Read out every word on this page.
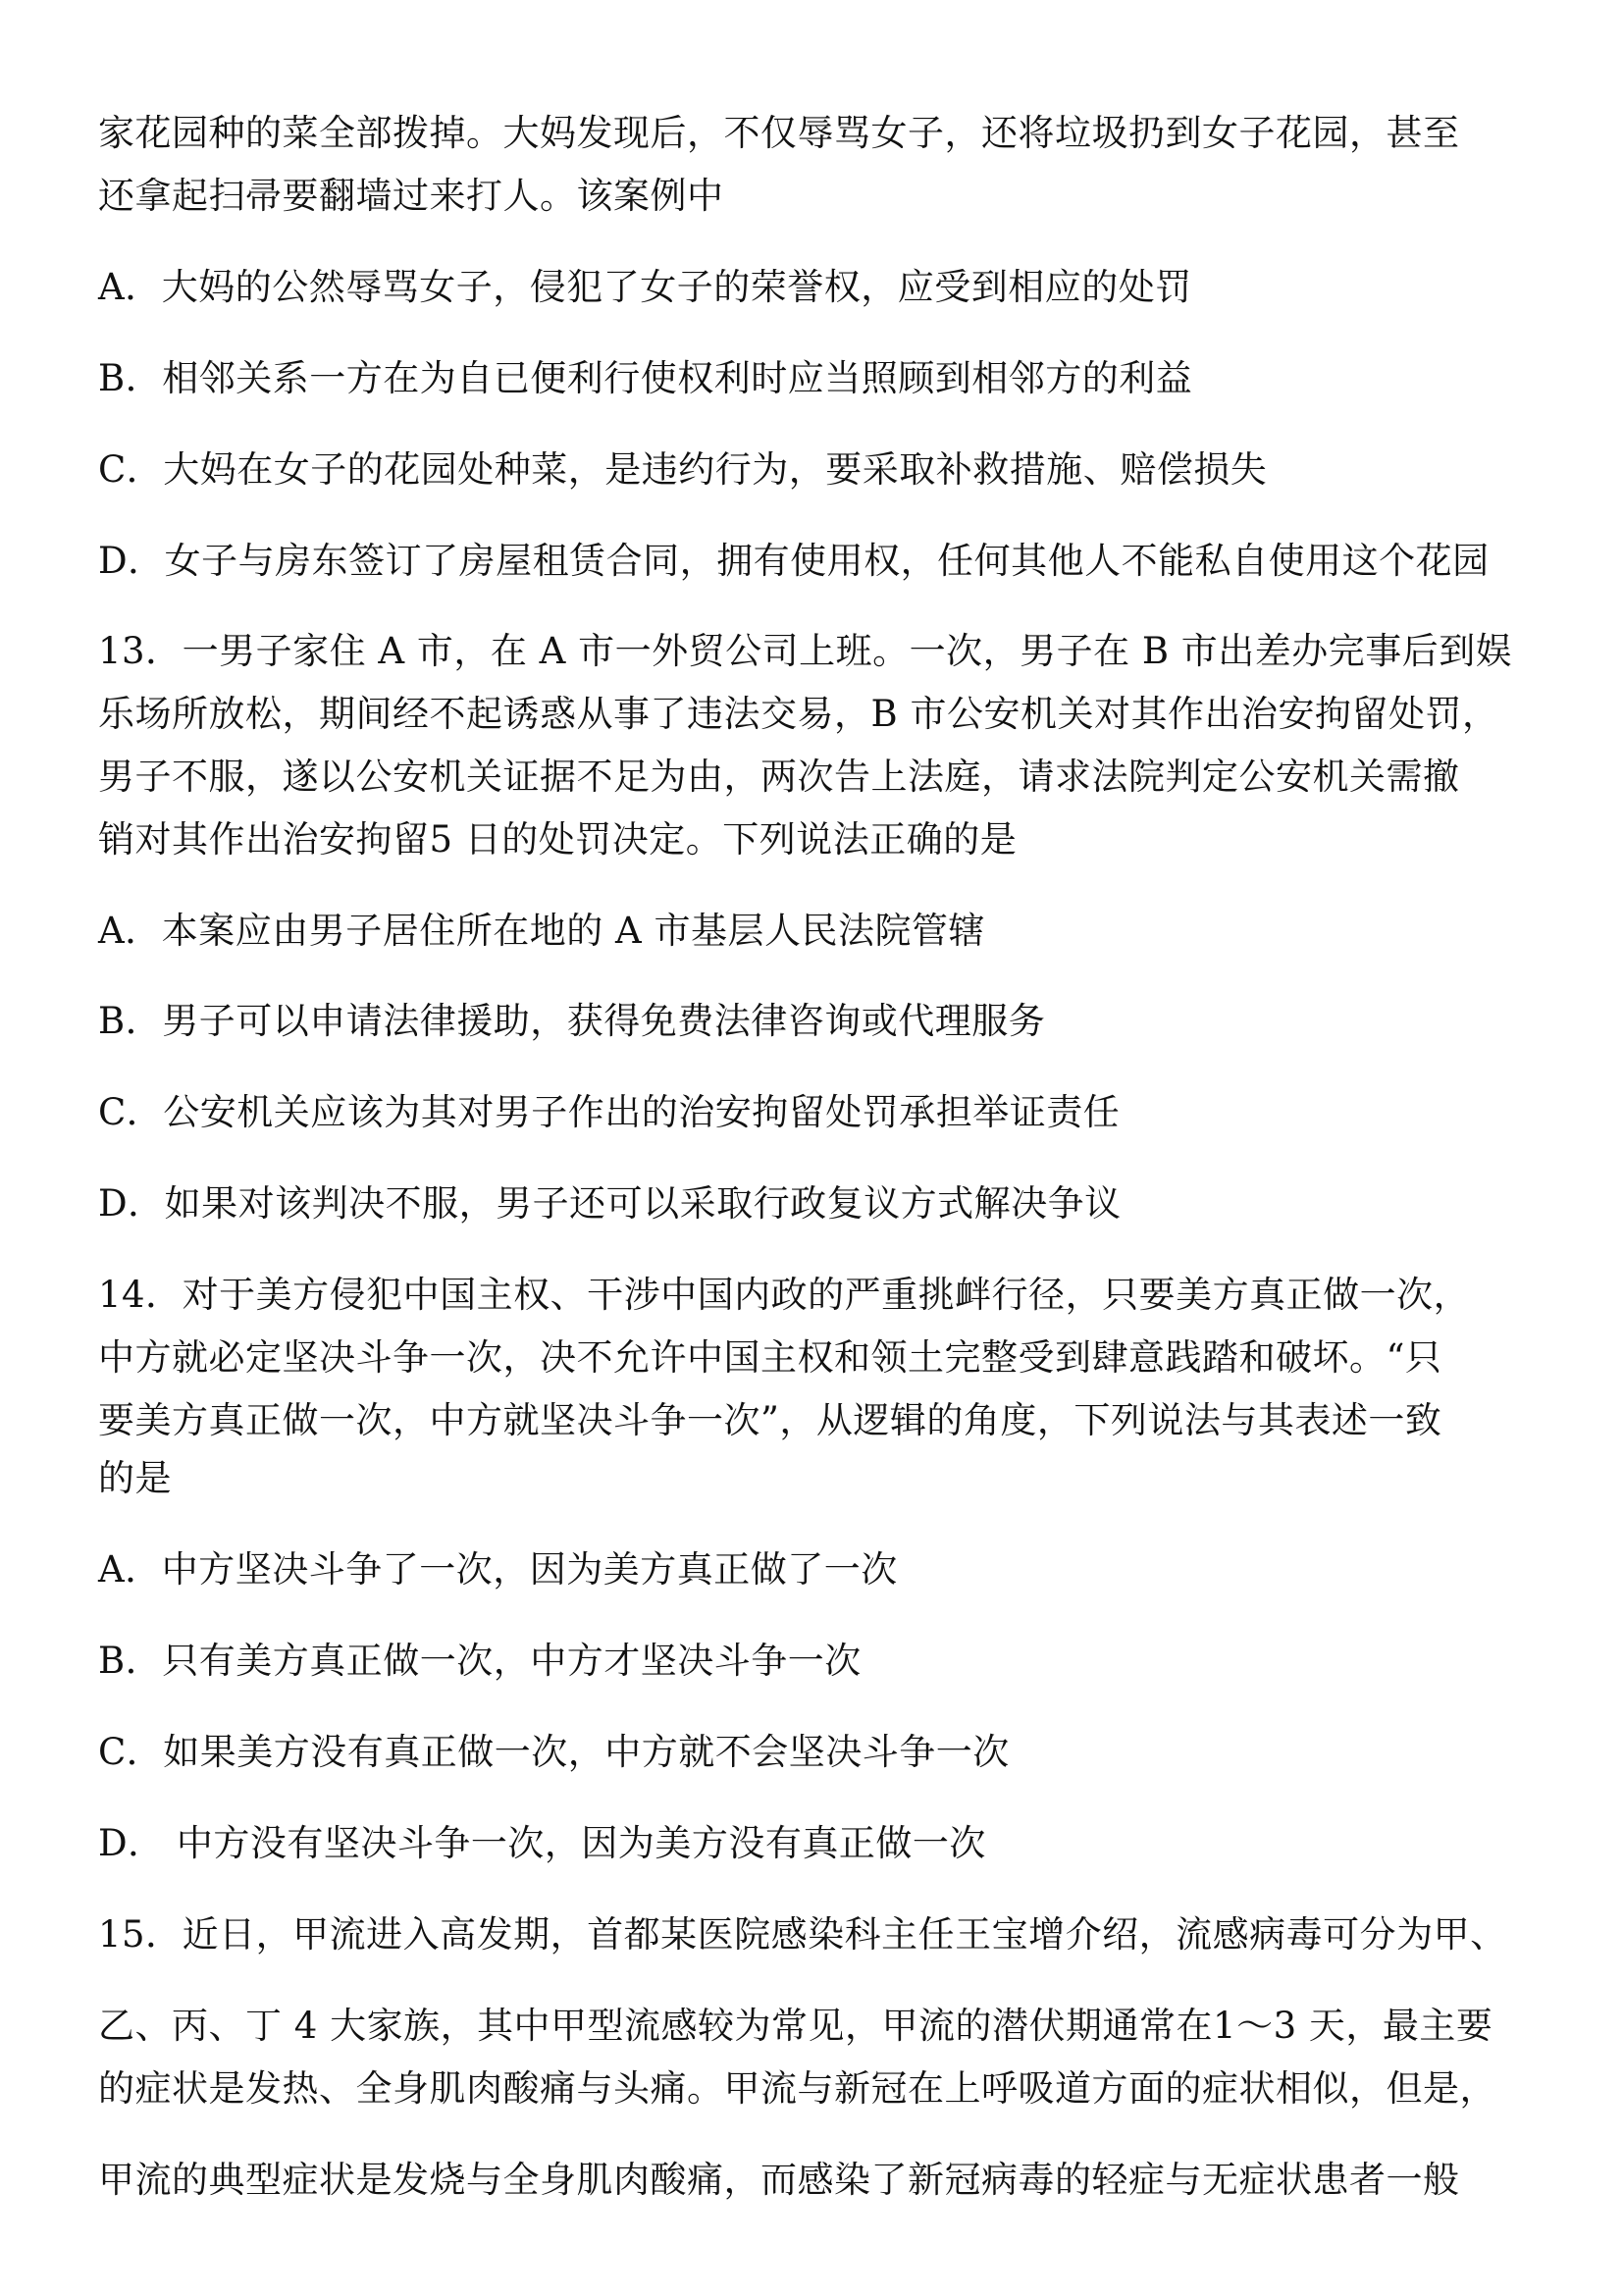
家花园种的菜全部拨掉。大妈发现后，不仅辱骂女子，还将垃圾扔到女子花园，甚至
还拿起扫帚要翻墙过来打人。该案例中
A．大妈的公然辱骂女子，侵犯了女子的荣誉权，应受到相应的处罚
B．相邻关系一方在为自已便利行使权利时应当照顾到相邻方的利益
C．大妈在女子的花园处种菜，是违约行为，要采取补救措施、赔偿损失
D．女子与房东签订了房屋租赁合同，拥有使用权，任何其他人不能私自使用这个花园
13．一男子家住 A 市，在 A 市一外贸公司上班。一次，男子在 B 市出差办完事后到娱
乐场所放松，期间经不起诱惑从事了违法交易，B 市公安机关对其作出治安拘留处罚，
男子不服，遂以公安机关证据不足为由，两次告上法庭，请求法院判定公安机关需撤
销对其作出治安拘留5 日的处罚决定。下列说法正确的是
A．本案应由男子居住所在地的 A 市基层人民法院管辖
B．男子可以申请法律援助，获得免费法律咨询或代理服务
C．公安机关应该为其对男子作出的治安拘留处罚承担举证责任
D．如果对该判决不服，男子还可以采取行政复议方式解决争议
14．对于美方侵犯中国主权、干涉中国内政的严重挑衅行径，只要美方真正做一次，
中方就必定坚决斗争一次，决不允许中国主权和领土完整受到肆意践踏和破坏。“只
要美方真正做一次，中方就坚决斗争一次”，从逻辑的角度，下列说法与其表述一致
的是
A．中方坚决斗争了一次，因为美方真正做了一次
B．只有美方真正做一次，中方才坚决斗争一次
C．如果美方没有真正做一次，中方就不会坚决斗争一次
D． 中方没有坚决斗争一次，因为美方没有真正做一次
15．近日，甲流进入高发期，首都某医院感染科主任王宝增介绍，流感病毒可分为甲、
乙、丙、丁 4 大家族，其中甲型流感较为常见，甲流的潜伏期通常在1～3 天，最主要
的症状是发热、全身肌肉酸痛与头痛。甲流与新冠在上呼吸道方面的症状相似，但是，
甲流的典型症状是发烧与全身肌肉酸痛，而感染了新冠病毒的轻症与无症状患者一般
